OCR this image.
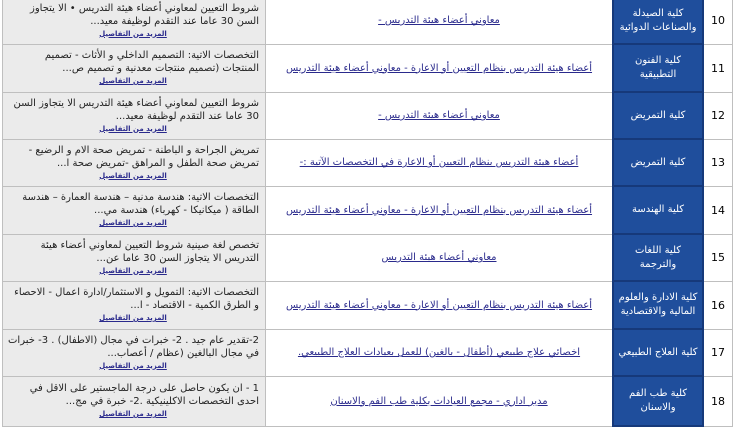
10	كلية الصيدلة والصناعات الدوائية	معاوني أعضاء هيئة التدريس -	شروط التعيين لمعاوني أعضاء هيئة التدريس • الا يتجاوز السن 30 عاما عند التقدم لوظيفة معيد...
المزيد من التفاصيل

11	كلية الفنون التطبيقية	أعضاء هيئة التدريس بنظام التعيين أو الاعارة - معاوني أعضاء هيئة التدريس	التخصصات الاتية: التصميم الداخلي و الأثاث - تصميم المنتجات (تصميم منتجات معدنية و تصميم ص...
المزيد من التفاصيل

12	كلية التمريض	معاوني أعضاء هيئة التدريس -	شروط التعيين لمعاوني أعضاء هيئة التدريس الا يتجاوز السن 30 عاما عند التقدم لوظيفة معيد...
المزيد من التفاصيل

13	كلية التمريض	أعضاء هيئة التدريس بنظام التعيين أو الاعارة في التخصصات الآتية :-	تمريض الجراحة و الباطنة - تمريض صحة الام و الرضيع - تمريض صحة الطفل و المراهق -تمريض صحة ا...
المزيد من التفاصيل

14	كلية الهندسة	أعضاء هيئة التدريس بنظام التعيين أو الاعارة - معاوني أعضاء هيئة التدريس	التخصصات الاتية: هندسة مدنية – هندسة العمارة – هندسة الطاقة ( ميكانيكا - كهرباء) هندسة مي...
المزيد من التفاصيل

15	كلية اللغات والترجمة	معاوني أعضاء هيئة التدريس	تخصص لغة صينية شروط التعيين لمعاوني أعضاء هيئة التدريس الا يتجاوز السن 30 عاما عن...
المزيد من التفاصيل

16	كلية الادارة والعلوم المالية والاقتصادية	أعضاء هيئة التدريس بنظام التعيين أو الاعارة - معاوني أعضاء هيئة التدريس	التخصصات الاتية: التمويل و الاستثمار/ادارة اعمال - الاحصاء و الطرق الكمية - الاقتصاد - ا...
المزيد من التفاصيل

17	كلية العلاج الطبيعي	اخصائي علاج طبيعي (أطفال - بالغين) للعمل بعيادات العلاج الطبيعي.	2-تقدير عام جيد . 2- خبرات في مجال (الاطفال) . 3- خبرات في مجال البالغين (عظام / أعصاب...
المزيد من التفاصيل

18	كلية طب الفم والاسنان	مدير اداري - مجمع العيادات بكلية طب الفم والاسنان	1 - ان يكون حاصل على درجة الماجستير على الاقل في احدى التخصصات الاكلينيكية .2- خبرة في مج...
المزيد من التفاصيل
